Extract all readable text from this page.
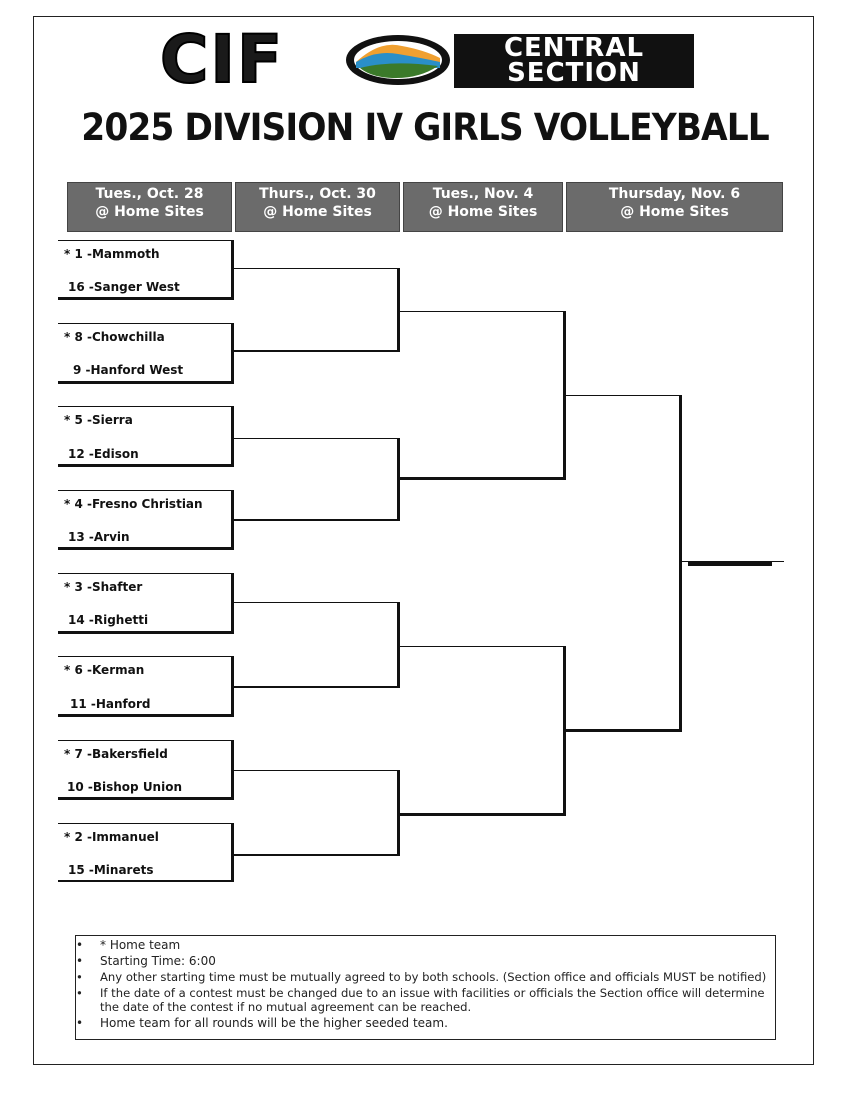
CIF	CENTRAL
SECTION
2025 DIVISION IV GIRLS VOLLEYBALL
Tues., Oct. 28
@ Home Sites
Thurs., Oct. 30
@ Home Sites
Tues., Nov. 4
@ Home Sites
Thursday, Nov. 6
@ Home Sites
* 1 -Mammoth
16 -Sanger West
* 8 -Chowchilla
9 -Hanford West
* 5 -Sierra
12 -Edison
* 4 -Fresno Christian
13 -Arvin
* 3 -Shafter
14 -Righetti
* 6 -Kerman
11 -Hanford
* 7 -Bakersfield
10 -Bishop Union
* 2 -Immanuel
15 -Minarets
• * Home team
• Starting Time: 6:00
• Any other starting time must be mutually agreed to by both schools. (Section office and officials MUST be notified)
• If the date of a contest must be changed due to an issue with facilities or officials the Section office will determine the date of the contest if no mutual agreement can be reached.
• Home team for all rounds will be the higher seeded team.
